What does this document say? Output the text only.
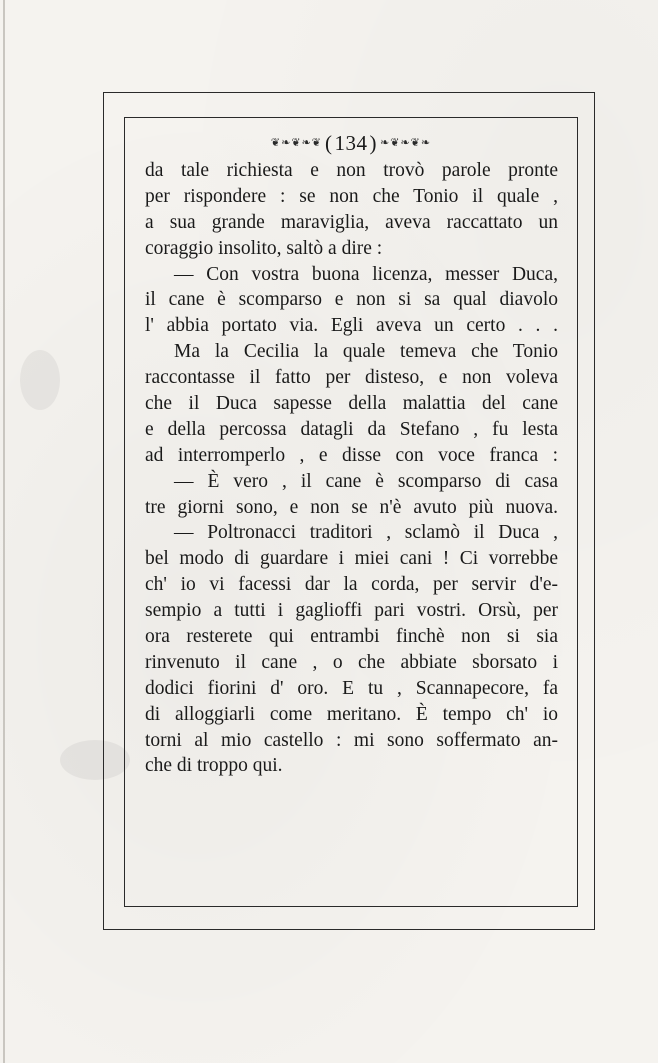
❦❧❦❧❦ ( 134 ) ❧❦❧❦❧
da tale richiesta e non trovò parole pronte
per rispondere : se non che Tonio il quale ,
a sua grande maraviglia, aveva raccattato un
coraggio insolito, saltò a dire :
— Con vostra buona licenza, messer Duca,
il cane è scomparso e non si sa qual diavolo
l' abbia portato via. Egli aveva un certo . . .
Ma la Cecilia la quale temeva che Tonio
raccontasse il fatto per disteso, e non voleva
che il Duca sapesse della malattia del cane
e della percossa datagli da Stefano , fu lesta
ad interromperlo , e disse con voce franca :
— È vero , il cane è scomparso di casa
tre giorni sono, e non se n'è avuto più nuova.
— Poltronacci traditori , sclamò il Duca ,
bel modo di guardare i miei cani ! Ci vorrebbe
ch' io vi facessi dar la corda, per servir d'e-
sempio a tutti i gaglioffi pari vostri. Orsù, per
ora resterete qui entrambi finchè non si sia
rinvenuto il cane , o che abbiate sborsato i
dodici fiorini d' oro. E tu , Scannapecore, fa
di alloggiarli come meritano. È tempo ch' io
torni al mio castello : mi sono soffermato an-
che di troppo qui.
